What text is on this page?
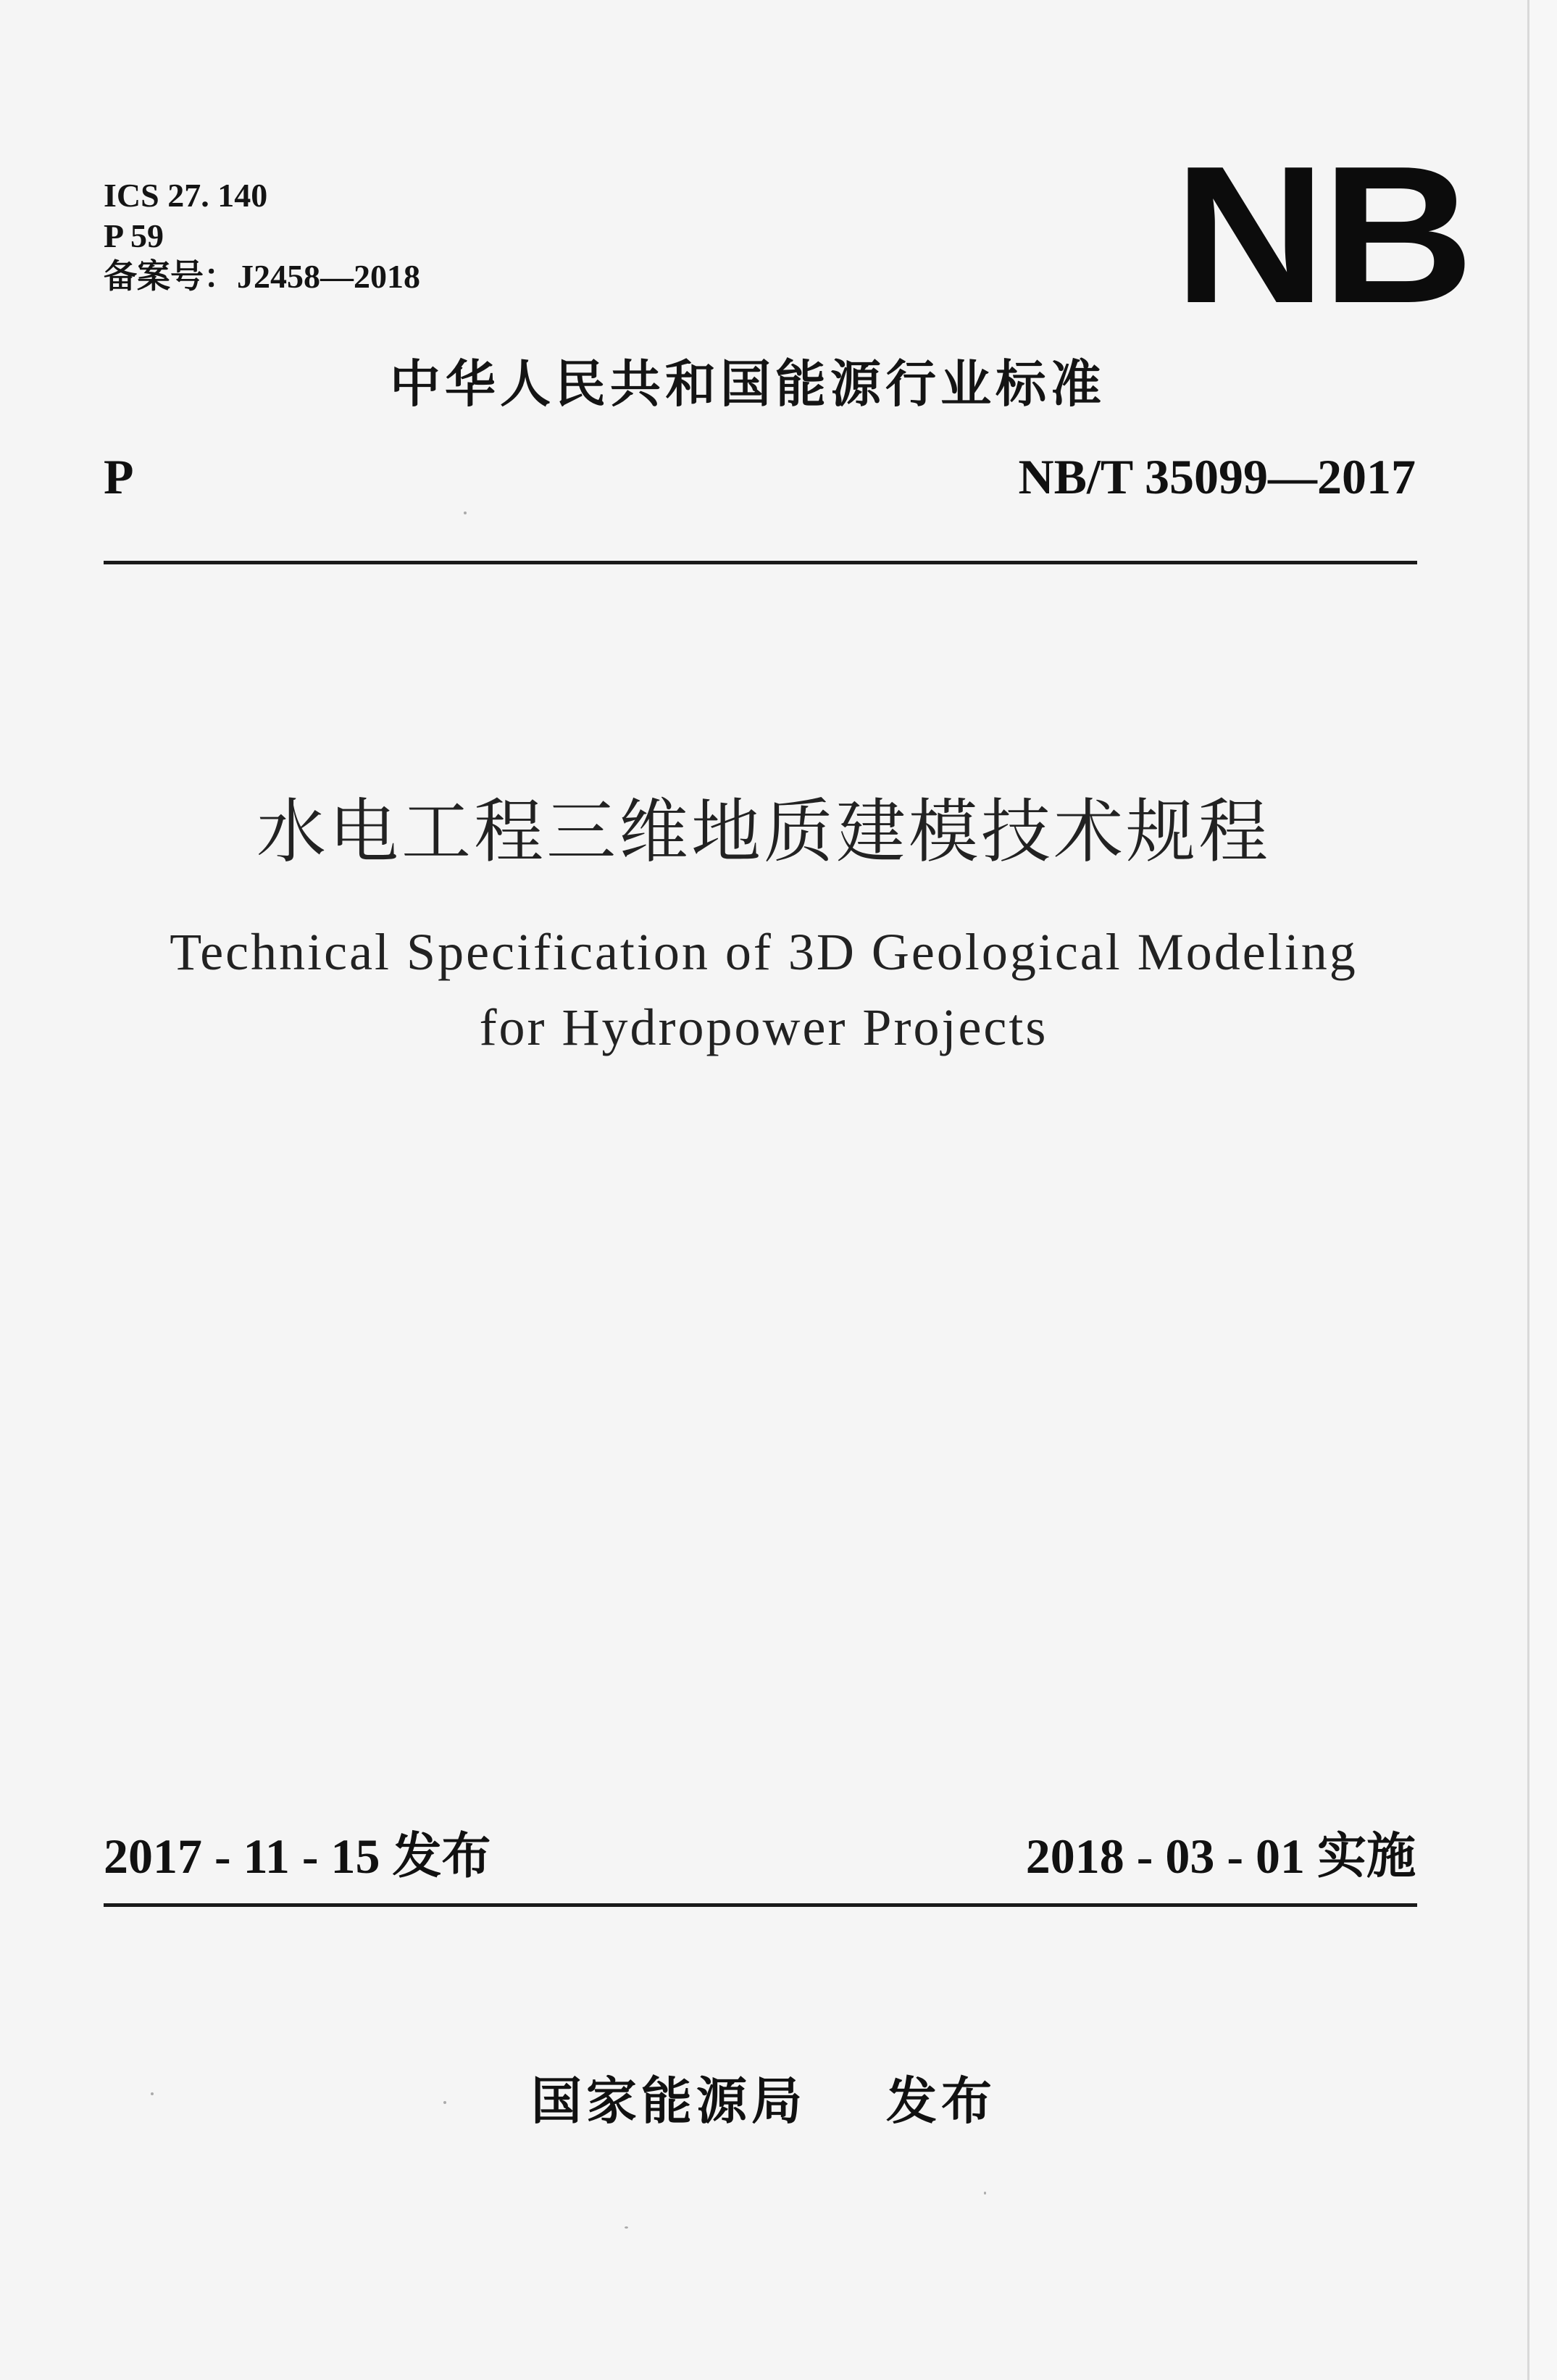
ICS 27. 140
P 59
备案号：J2458—2018	NB
中华人民共和国能源行业标准
P	NB/T 35099—2017
水电工程三维地质建模技术规程
Technical Specification of 3D Geological Modeling
for Hydropower Projects
2017 - 11 - 15 发布	2018 - 03 - 01 实施
国家能源局 发布
